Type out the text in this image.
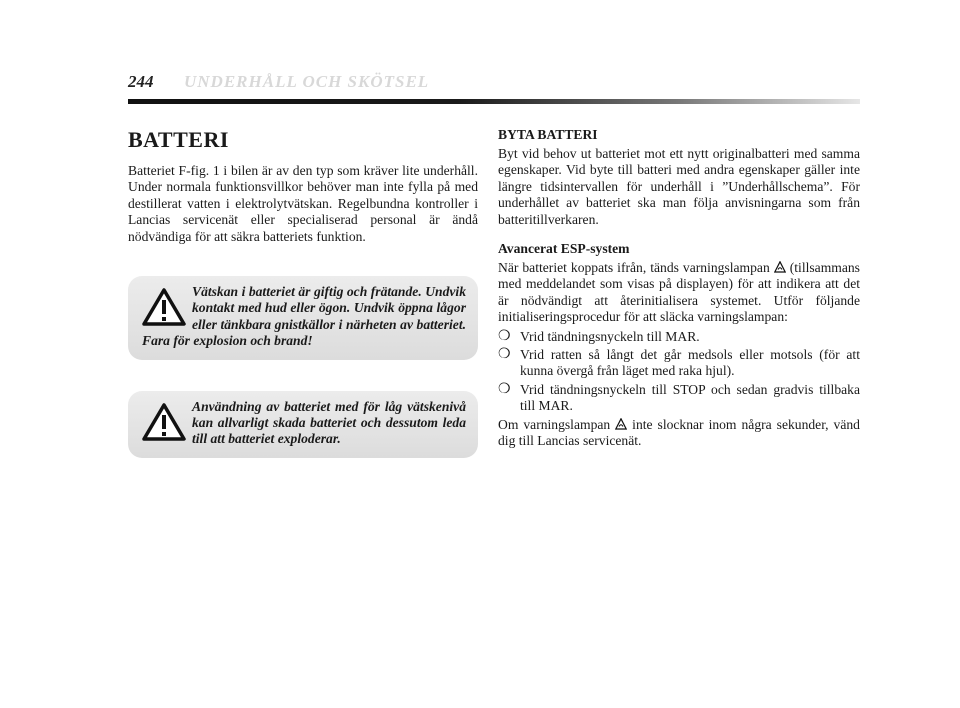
244 UNDERHÅLL OCH SKÖTSEL
BATTERI

Batteriet F-fig. 1 i bilen är av den typ som kräver lite underhåll. Under normala funktionsvillkor behöver man inte fylla på med destillerat vatten i elektrolytvätskan. Regelbundna kontroller i Lancias servicenät eller specialiserad personal är ändå nödvändiga för att säkra batteriets funktion.

Vätskan i batteriet är giftig och frätande. Undvik kontakt med hud eller ögon. Undvik öppna lågor eller tänkbara gnistkällor i närheten av batteriet. Fara för explosion och brand!
Användning av batteriet med för låg vätskenivå kan allvarligt skada batteriet och dessutom leda till att batteriet exploderar.
BYTA BATTERI

Byt vid behov ut batteriet mot ett nytt originalbatteri med samma egenskaper. Vid byte till batteri med andra egenskaper gäller inte längre tidsintervallen för underhåll i ”Underhållschema”. För underhållet av batteriet ska man följa anvisningarna som från batteritillverkaren.

Avancerat ESP-system

När batteriet koppats ifrån, tänds varningslampan (tillsammans med meddelandet som visas på displayen) för att indikera att det är nödvändigt att återinitialisera systemet. Utför följande initialiseringsprocedur för att släcka varningslampan:

❍ Vrid tändningsnyckeln till MAR.
❍ Vrid ratten så långt det går medsols eller motsols (för att kunna övergå från läget med raka hjul).
❍ Vrid tändningsnyckeln till STOP och sedan gradvis tillbaka till MAR.

Om varningslampan inte slocknar inom några sekunder, vänd dig till Lancias servicenät.
